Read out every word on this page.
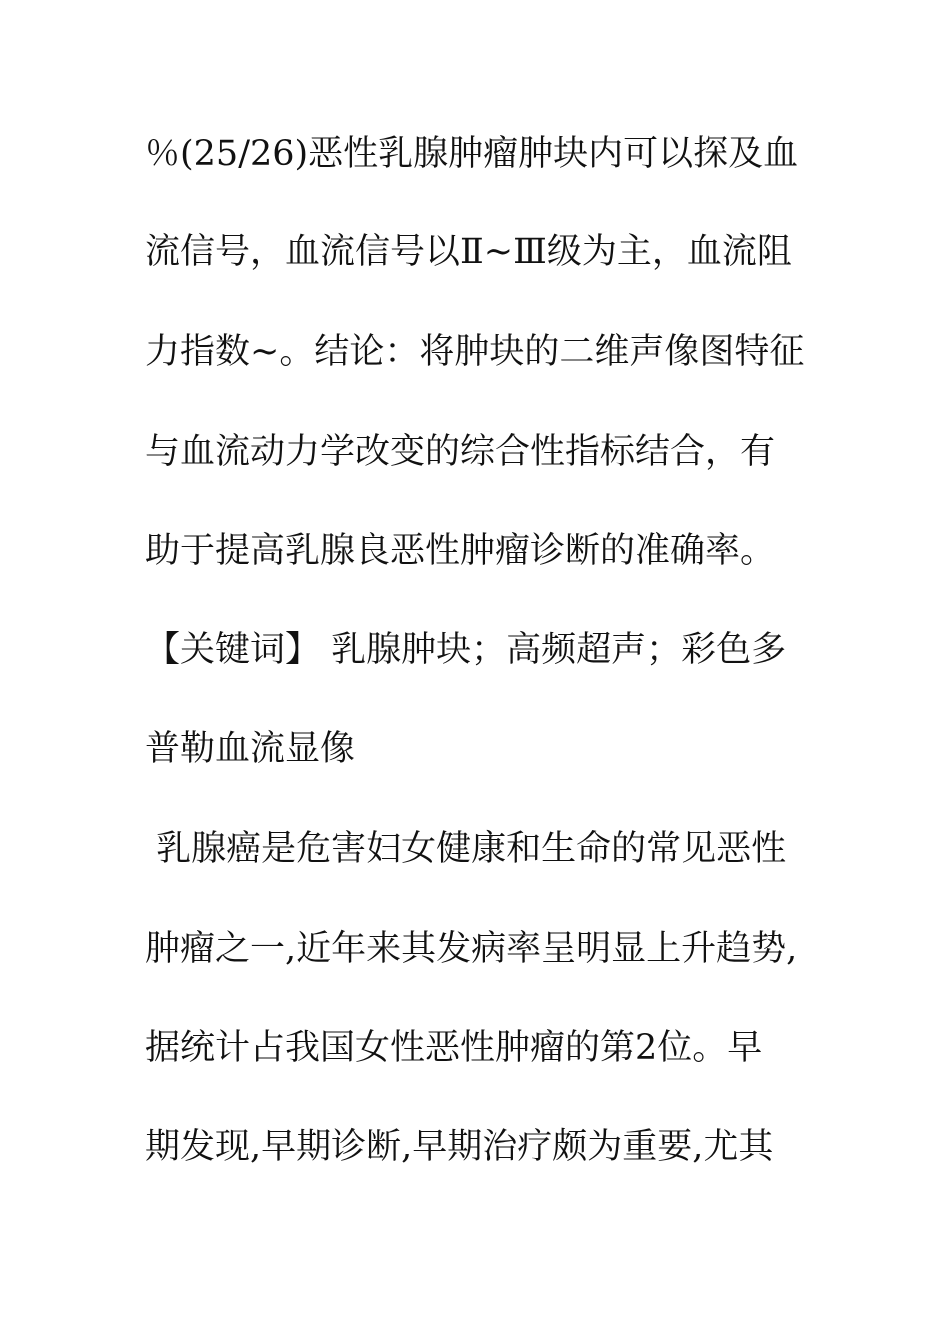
％(25/26)恶性乳腺肿瘤肿块内可以探及血

流信号，血流信号以Ⅱ~Ⅲ级为主，血流阻

力指数~。结论：将肿块的二维声像图特征

与血流动力学改变的综合性指标结合，有

助于提高乳腺良恶性肿瘤诊断的准确率。

【关键词】 乳腺肿块；高频超声；彩色多

普勒血流显像

乳腺癌是危害妇女健康和生命的常见恶性

肿瘤之一,近年来其发病率呈明显上升趋势,

据统计占我国女性恶性肿瘤的第2位。早

期发现,早期诊断,早期治疗颇为重要,尤其
